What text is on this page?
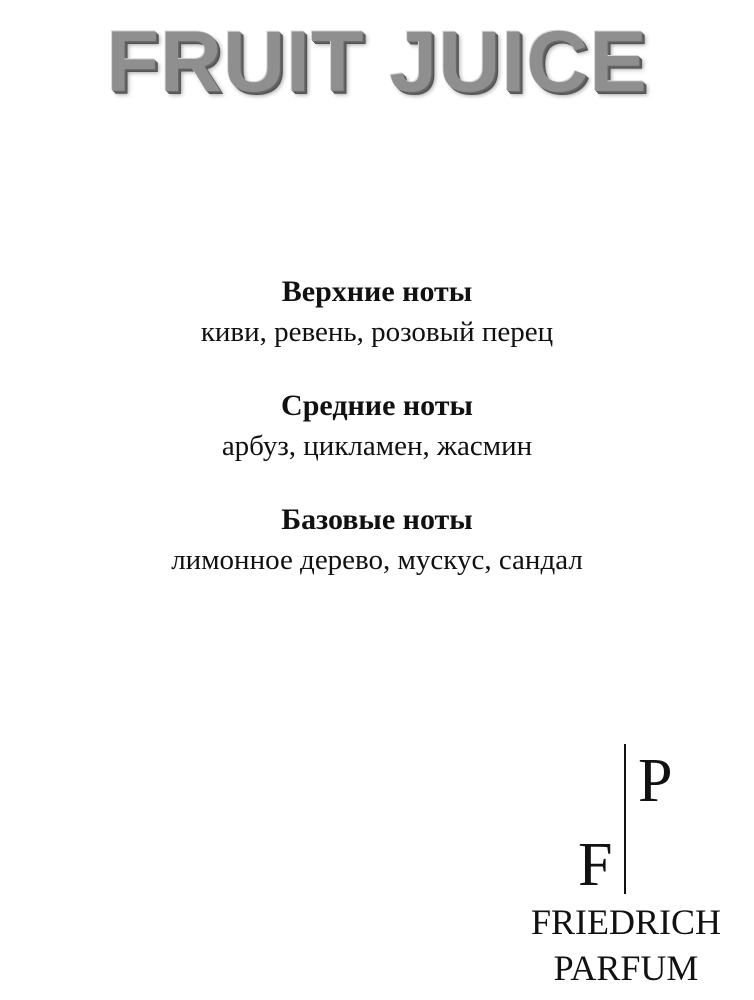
FRUIT JUICE

Верхние ноты

киви, ревень, розовый перец

Средние ноты

арбуз, цикламен, жасмин

Базовые ноты

лимонное дерево, мускус, сандал

P
F
FRIEDRICH
PARFUM
